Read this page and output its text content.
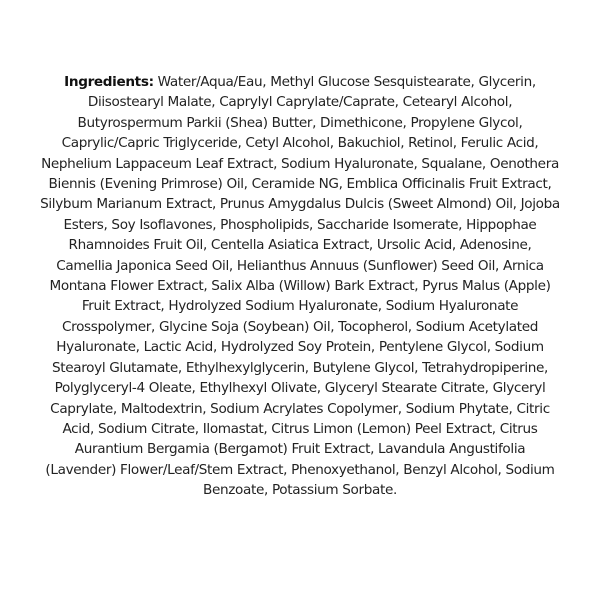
Ingredients: Water/Aqua/Eau, Methyl Glucose Sesquistearate, Glycerin, Diisostearyl Malate, Caprylyl Caprylate/Caprate, Cetearyl Alcohol, Butyrospermum Parkii (Shea) Butter, Dimethicone, Propylene Glycol, Caprylic/Capric Triglyceride, Cetyl Alcohol, Bakuchiol, Retinol, Ferulic Acid, Nephelium Lappaceum Leaf Extract, Sodium Hyaluronate, Squalane, Oenothera Biennis (Evening Primrose) Oil, Ceramide NG, Emblica Officinalis Fruit Extract, Silybum Marianum Extract, Prunus Amygdalus Dulcis (Sweet Almond) Oil, Jojoba Esters, Soy Isoflavones, Phospholipids, Saccharide Isomerate, Hippophae Rhamnoides Fruit Oil, Centella Asiatica Extract, Ursolic Acid, Adenosine, Camellia Japonica Seed Oil, Helianthus Annuus (Sunflower) Seed Oil, Arnica Montana Flower Extract, Salix Alba (Willow) Bark Extract, Pyrus Malus (Apple) Fruit Extract, Hydrolyzed Sodium Hyaluronate, Sodium Hyaluronate Crosspolymer, Glycine Soja (Soybean) Oil, Tocopherol, Sodium Acetylated Hyaluronate, Lactic Acid, Hydrolyzed Soy Protein, Pentylene Glycol, Sodium Stearoyl Glutamate, Ethylhexylglycerin, Butylene Glycol, Tetrahydropiperine, Polyglyceryl-4 Oleate, Ethylhexyl Olivate, Glyceryl Stearate Citrate, Glyceryl Caprylate, Maltodextrin, Sodium Acrylates Copolymer, Sodium Phytate, Citric Acid, Sodium Citrate, Ilomastat, Citrus Limon (Lemon) Peel Extract, Citrus Aurantium Bergamia (Bergamot) Fruit Extract, Lavandula Angustifolia (Lavender) Flower/Leaf/Stem Extract, Phenoxyethanol, Benzyl Alcohol, Sodium Benzoate, Potassium Sorbate.
